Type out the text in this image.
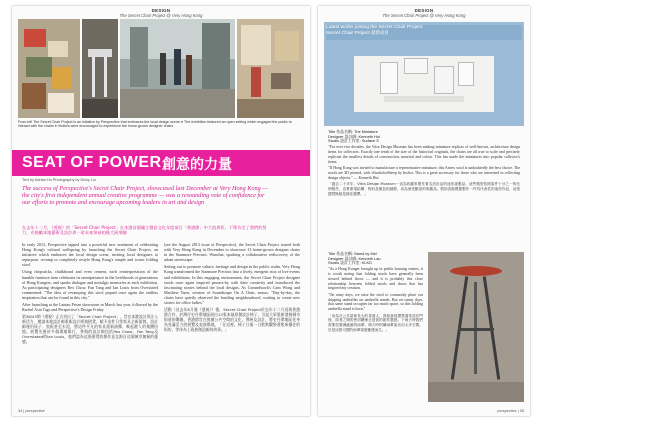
DESIGN
The Secret Chair Project @ Very Hong Kong
From left The Secret Chair Project is an initiative by Perspective that embraces the local design scene ● The exhibition featured an open setting which engaged the public to interact with the chairs ● Visitors were encouraged to experience the home-grown designer chairs
SEAT OF POWER 創意的力量
Text by Adrian Ho Photography by Dicky Liu
The success of Perspective's Secret Chair Project, showcased last December at Very Hong Kong — the city's first independent annual creative programme — was a resounding vote of confidence for our efforts to promote and encourage upcoming leaders in art and design
在去年十二月，《透視》的「Secret Chair Project」在本港首個獨立創意文化年度項目「香港節」中大放異彩，不單肯定了我們的努力，亦鼓勵本地藝術及設計界一眾未來領袖的後大展拳腳

In early 2013, Perspective tapped into a powerful new sentiment of celebrating Hong Kong's cultural wellspring by launching the Secret Chair Project, an initiative which embraces the local design scene, inviting local designers to repurpose, revamp or completely restyle Hong Kong's simple and iconic folding stool.

Using chopsticks, chalkboard and even cement, each reinterpretation of the humble furniture item celebrates its omnipresence in the livelihoods of generations of Hong Kongers, and sparks dialogue and nostalgic memories at each exhibition. As participating designers Rex Chow, Fan Tang and Ian Louis from Overstated commented: "The idea of revamping this stool piqued once again the endless inspiration that can be found in this city."

After launching at the Lantau Prism showroom in March last year, followed by the Rachel Asia Tags and Perspective's Design Friday

第36/43期《透視》正式刊出了「Secret Chair Project」，旨在本港設計界注入新活力，邀請本地設計師重新設計經典摺凳，賦予這件日常家具全新面貌。設計師運用筷子、黑板甚至水泥，將這件平凡的家具重新演繹，喚起港人的集體回憶。展覽先後於多個場地舉行，參與的設計師包括Rex Chow、Fan Tang及Overstated的Ian Louis，他們認為這張摺凳的創作意念源自這個城市無窮的靈感。

(see the August 2013 issue of Perspective), the Secret Chair Project toured both with Very Hong Kong in December to showcase 13 home-grown designer chairs in the Stanmore Precinct, Wanchai, sparking a collaborative rediscovery of the urban streetscape.

Setting out to promote culture, heritage and design in the public realm, Very Hong Kong transformed the Stanmore Precinct into a lively, energetic mix of live events and exhibitions. In this engaging environment, the Secret Chair Project designer stools once again inspired passers-by with their creativity and introduced the fascinating stories behind the local designs. As Groundwork's Cam Wong and Matthew Yuen, creators of Soundscape On A Chair, muses, "Day-by-day, the chairs have quietly observed the bustling neighbourhood, waiting to create new stories for office ladies."

活動（見去年8月號《透視》）後，Secret Chair Project於去年十二月再與香港節合作，於灣仔史丹摩地區展出13張本地原創設計椅子，引起大眾重新發掘城市街道的樂趣。香港節旨在推廣公共空間的文化、傳統及設計，將史丹摩地區化身為充滿活力的展覽及表演場地。「在這裡，椅子日復一日默默觀察著熙來攘往的街坊，等待為上班族創造新的故事。」

34 | perspective
DESIGN
The Secret Chair Project @ Very Hong Kong
Latest works joining the Secret Chair Project
Secret Chair Project 最新成員
Title 作品名稱: The Miniature
Designer 設計師: Kenneth Hui
Studio 設計工作室: Surface S

"For over two decades, the Vitra Design Museum has been making miniature replicas of well-known, architecture design items for collectors. Exactly one tenth of the size of the historical originals, the chairs are all true to scale and precisely replicate the smallest details of construction, material and colour. This has made the miniatures into popular collector's items.

"If Hong Kong was invited to manufacture a representative miniature, this Arirex stool is undoubtedly the best choice. The stools are 3D printed, with iStudioforSheep by Inshot. This is a great accessory for those who are interested in collecting design objects." — Kenneth Hui

「過去二十多年，Vitra Design Museum一直為收藏家製作著名設計品的迷你複製品。這些模型依照原件十分之一的比例製作，忠實重現結構、物料及顏色的細節，成為深受歡迎的收藏品。假如香港獲邀製作一件具代表性的迷你作品，這張摺凳無疑是最佳選擇。」

Title 作品名稱: Stand by Me!
Designer 設計師: Kenneth Lau
Studio 設計工作室: KLKD

"As a Hong Konger brought up in public housing estates, it is worth noting that folding stools have generally been stowed behind doors — and it is probably this close relationship between folded stools and doors that has inspired my creation.

"On rainy days, we raise the stool to commonly place our dripping umbrellas on umbrella stands. But on sunny days, that same stand occupies far too much space, so this folding umbrella stand is born."

「身為在公共屋邨長大的香港人，我留意到摺凳通常放在門後，兩者之間的密切關係正是我的創作靈感。下雨天時我們需要放置濕漉漉的雨傘，晴天時則嫌雨傘架佔用太多空間，於是這張可摺的雨傘架便應運而生。」

perspective | 35
